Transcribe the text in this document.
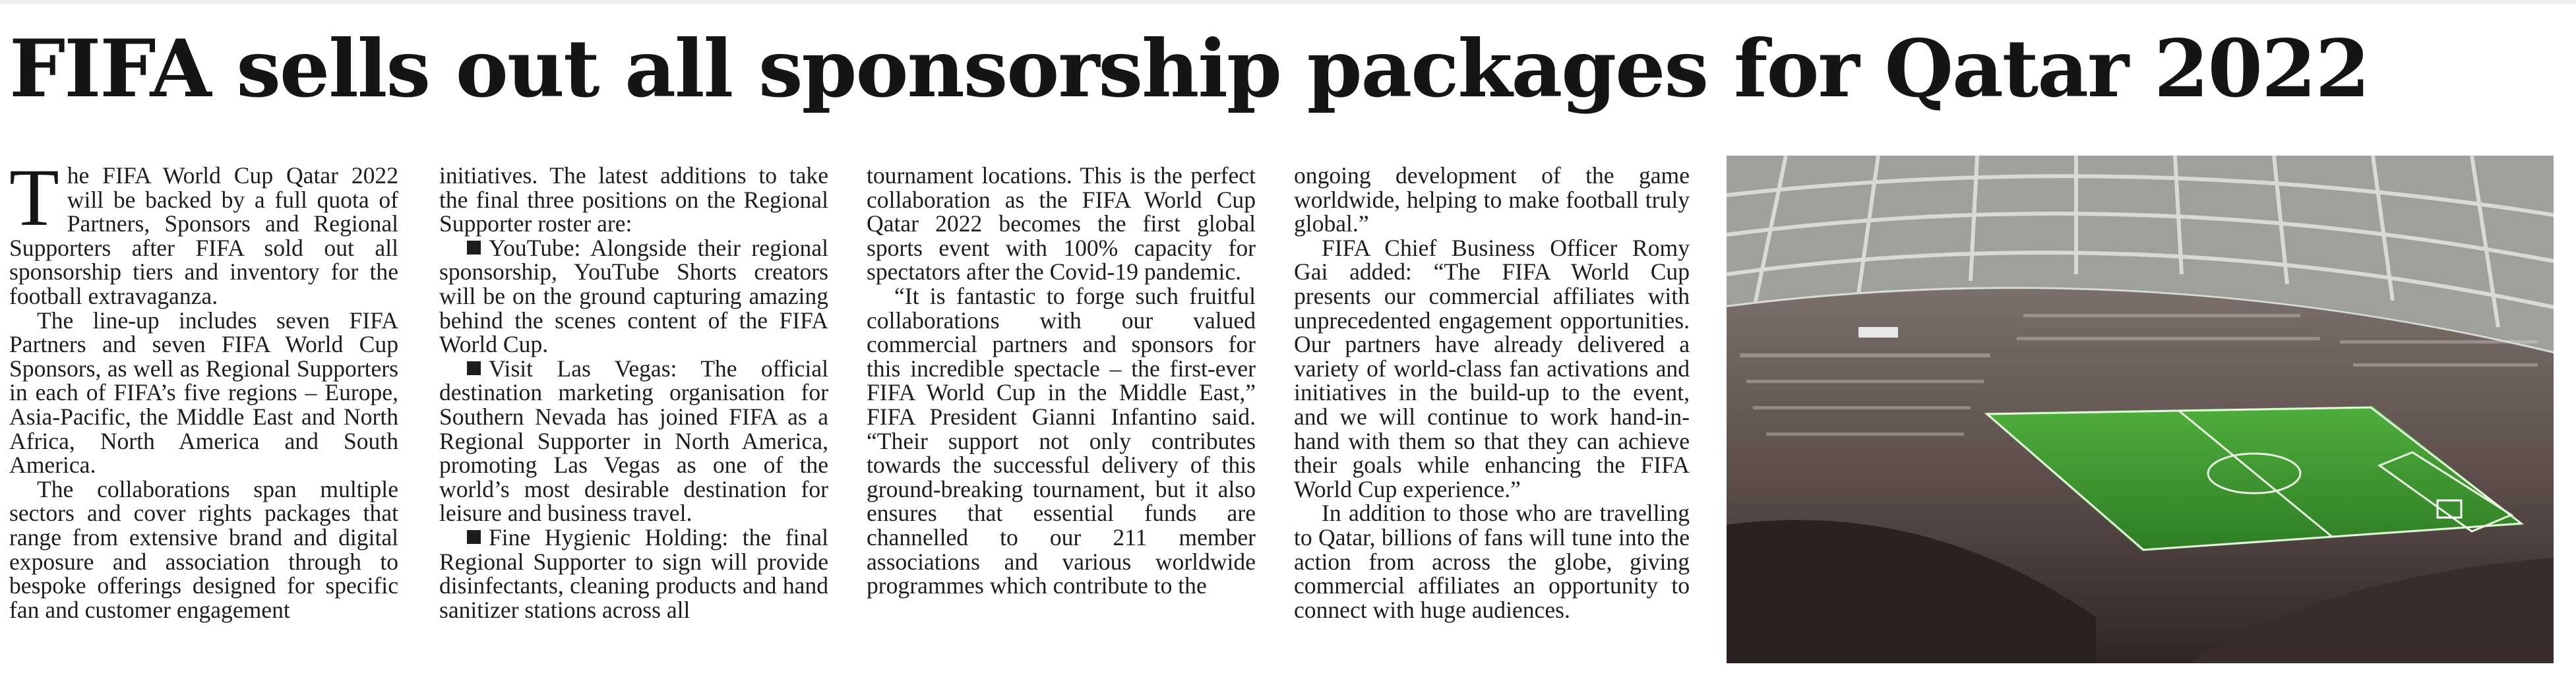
FIFA sells out all sponsorship packages for Qatar 2022

The FIFA World Cup Qatar 2022 will be backed by a full quota of Partners, Sponsors and Regional Supporters after FIFA sold out all sponsorship tiers and inventory for the football extravaganza.

The line-up includes seven FIFA Partners and seven FIFA World Cup Sponsors, as well as Regional Supporters in each of FIFA’s five regions – Europe, Asia-Pacific, the Middle East and North Africa, North America and South America.

The collaborations span multiple sectors and cover rights packages that range from extensive brand and digital exposure and association through to bespoke offerings designed for specific fan and customer engagement

initiatives. The latest additions to take the final three positions on the Regional Supporter roster are:

YouTube: Alongside their regional sponsorship, YouTube Shorts creators will be on the ground capturing amazing behind the scenes content of the FIFA World Cup.

Visit Las Vegas: The official destination marketing organisation for Southern Nevada has joined FIFA as a Regional Supporter in North America, promoting Las Vegas as one of the world’s most desirable destination for leisure and business travel.

Fine Hygienic Holding: the final Regional Supporter to sign will provide disinfectants, cleaning products and hand sanitizer stations across all

tournament locations. This is the perfect collaboration as the FIFA World Cup Qatar 2022 becomes the first global sports event with 100% capacity for spectators after the Covid-19 pandemic.

“It is fantastic to forge such fruitful collaborations with our valued commercial partners and sponsors for this incredible spectacle – the first-ever FIFA World Cup in the Middle East,” FIFA President Gianni Infantino said. “Their support not only contributes towards the successful delivery of this ground-breaking tournament, but it also ensures that essential funds are channelled to our 211 member associations and various worldwide programmes which contribute to the

ongoing development of the game worldwide, helping to make football truly global.”

FIFA Chief Business Officer Romy Gai added: “The FIFA World Cup presents our commercial affiliates with unprecedented engagement opportunities. Our partners have already delivered a variety of world-class fan activations and initiatives in the build-up to the event, and we will continue to work hand-in-hand with them so that they can achieve their goals while enhancing the FIFA World Cup experience.”

In addition to those who are travelling to Qatar, billions of fans will tune into the action from across the globe, giving commercial affiliates an opportunity to connect with huge audiences.
